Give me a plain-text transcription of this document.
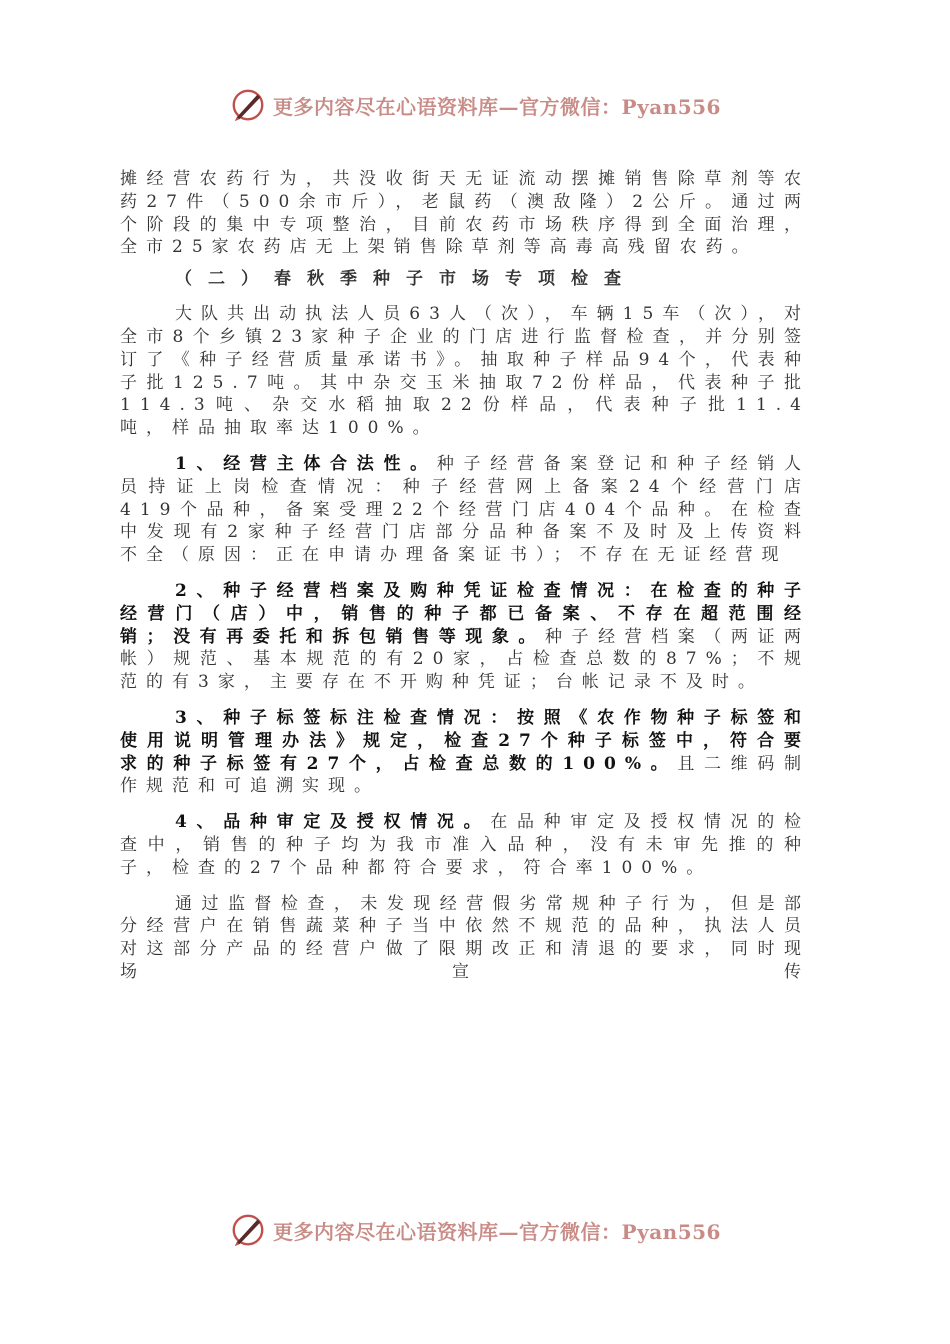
更多内容尽在心语资料库—官方微信：Pyan556

摊经营农药行为，共没收街天无证流动摆摊销售除草剂等农药27件（500余市斤），老鼠药（澳敌隆）2公斤。通过两个阶段的集中专项整治，目前农药市场秩序得到全面治理，全市25家农药店无上架销售除草剂等高毒高残留农药。

（二）春秋季种子市场专项检查

大队共出动执法人员63人（次），车辆15车（次），对全市8个乡镇23家种子企业的门店进行监督检查，并分别签订了《种子经营质量承诺书》。抽取种子样品94个，代表种子批125.7吨。其中杂交玉米抽取72份样品，代表种子批114.3吨、杂交水稻抽取22份样品，代表种子批11.4吨，样品抽取率达100%。

1、经营主体合法性。种子经营备案登记和种子经销人员持证上岗检查情况：种子经营网上备案24个经营门店419个品种，备案受理22个经营门店404个品种。在检查中发现有2家种子经营门店部分品种备案不及时及上传资料不全（原因：正在申请办理备案证书）；不存在无证经营现

2、种子经营档案及购种凭证检查情况：在检查的种子经营门（店）中，销售的种子都已备案、不存在超范围经销；没有再委托和拆包销售等现象。种子经营档案（两证两帐）规范、基本规范的有20家，占检查总数的87%；不规范的有3家，主要存在不开购种凭证；台帐记录不及时。

3、种子标签标注检查情况：按照《农作物种子标签和使用说明管理办法》规定，检查27个种子标签中，符合要求的种子标签有27个，占检查总数的100%。且二维码制作规范和可追溯实现。

4、品种审定及授权情况。在品种审定及授权情况的检查中，销售的种子均为我市准入品种，没有未审先推的种子，检查的27个品种都符合要求，符合率100%。

通过监督检查，未发现经营假劣常规种子行为，但是部分经营户在销售蔬菜种子当中依然不规范的品种，执法人员对这部分产品的经营户做了限期改正和清退的要求，同时现场宣传

更多内容尽在心语资料库—官方微信：Pyan556
